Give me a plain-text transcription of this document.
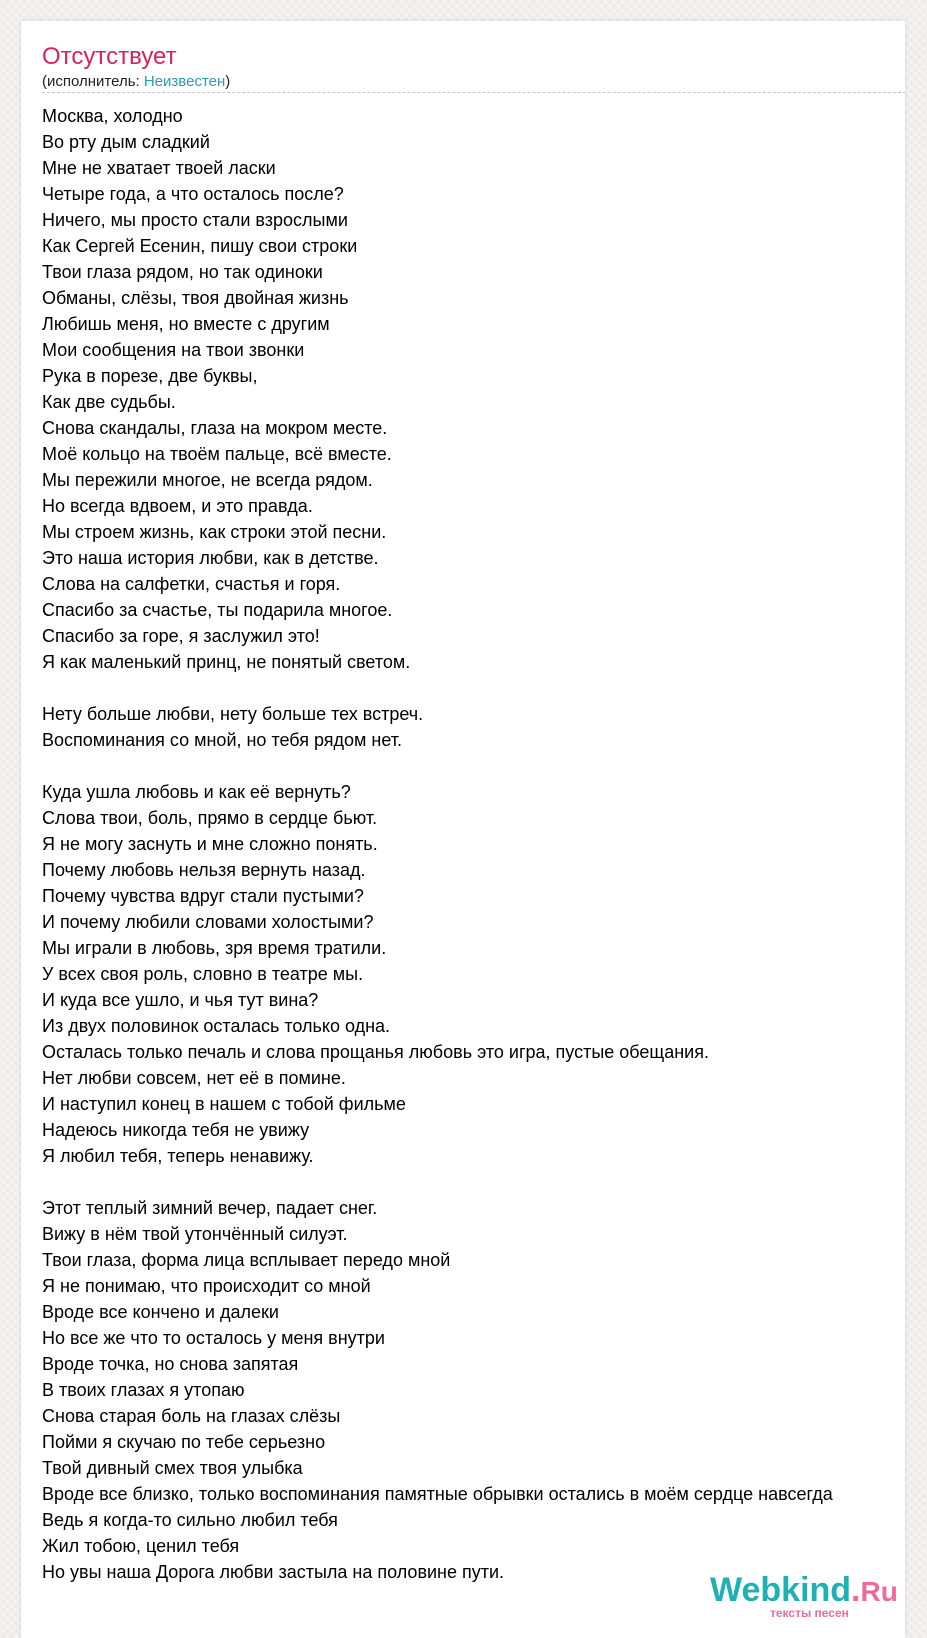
Отсутствует
(исполнитель: Неизвестен)
Москва, холодно
Во рту дым сладкий
Мне не хватает твоей ласки
Четыре года, а что осталось после?
Ничего, мы просто стали взрослыми
Как Сергей Есенин, пишу свои строки
Твои глаза рядом, но так одиноки
Обманы, слёзы, твоя двойная жизнь
Любишь меня, но вместе с другим
Мои сообщения на твои звонки
Рука в порезе, две буквы,
Как две судьбы.
Снова скандалы, глаза на мокром месте.
Моё кольцо на твоём пальце, всё вместе.
Мы пережили многое, не всегда рядом.
Но всегда вдвоем, и это правда.
Мы строем жизнь, как строки этой песни.
Это наша история любви, как в детстве.
Слова на салфетки, счастья и горя.
Спасибо за счастье, ты подарила многое.
Спасибо за горе, я заслужил это!
Я как маленький принц, не понятый светом.
Нету больше любви, нету больше тех встреч.
Воспоминания со мной, но тебя рядом нет.
Куда ушла любовь и как её вернуть?
Слова твои, боль, прямо в сердце бьют.
Я не могу заснуть и мне сложно понять.
Почему любовь нельзя вернуть назад.
Почему чувства вдруг стали пустыми?
И почему любили словами холостыми?
Мы играли в любовь, зря время тратили.
У всех своя роль, словно в театре мы.
И куда все ушло, и чья тут вина?
Из двух половинок осталась только одна.
Осталась только печаль и слова прощанья любовь это игра, пустые обещания.
Нет любви совсем, нет её в помине.
И наступил конец в нашем с тобой фильме
Надеюсь никогда тебя не увижу
Я любил тебя, теперь ненавижу.
Этот теплый зимний вечер, падает снег.
Вижу в нём твой утончённый силуэт.
Твои глаза, форма лица всплывает передо мной
Я не понимаю, что происходит со мной
Вроде все кончено и далеки
Но все же что то осталось у меня внутри
Вроде точка, но снова запятая
В твоих глазах я утопаю
Снова старая боль на глазах слёзы
Пойми я скучаю по тебе серьезно
Твой дивный смех твоя улыбка
Вроде все близко, только воспоминания памятные обрывки остались в моём сердце навсегда
Ведь я когда-то сильно любил тебя
Жил тобою, ценил тебя
Но увы наша Дорога любви застыла на половине пути.	Webkind.Ru
тексты песен
